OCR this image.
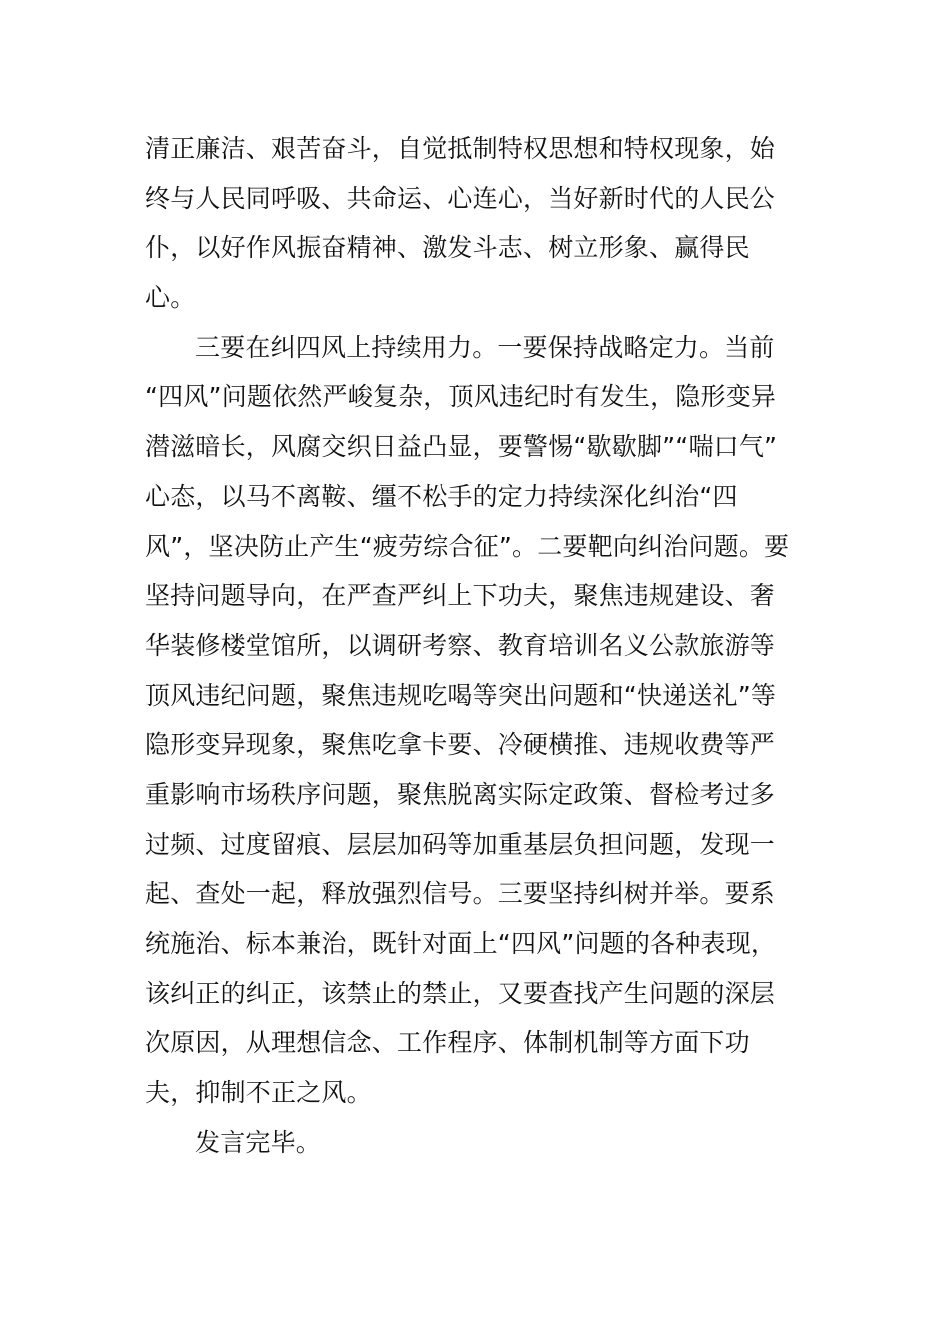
清正廉洁、艰苦奋斗，自觉抵制特权思想和特权现象，始
终与人民同呼吸、共命运、心连心，当好新时代的人民公
仆，以好作风振奋精神、激发斗志、树立形象、赢得民
心。
三要在纠四风上持续用力。一要保持战略定力。当前
“四风”问题依然严峻复杂，顶风违纪时有发生，隐形变异
潜滋暗长，风腐交织日益凸显，要警惕“歇歇脚”“喘口气”
心态，以马不离鞍、缰不松手的定力持续深化纠治“四
风”，坚决防止产生“疲劳综合征”。二要靶向纠治问题。要
坚持问题导向，在严查严纠上下功夫，聚焦违规建设、奢
华装修楼堂馆所，以调研考察、教育培训名义公款旅游等
顶风违纪问题，聚焦违规吃喝等突出问题和“快递送礼”等
隐形变异现象，聚焦吃拿卡要、冷硬横推、违规收费等严
重影响市场秩序问题，聚焦脱离实际定政策、督检考过多
过频、过度留痕、层层加码等加重基层负担问题，发现一
起、查处一起，释放强烈信号。三要坚持纠树并举。要系
统施治、标本兼治，既针对面上“四风”问题的各种表现，
该纠正的纠正，该禁止的禁止，又要查找产生问题的深层
次原因，从理想信念、工作程序、体制机制等方面下功
夫，抑制不正之风。
发言完毕。
